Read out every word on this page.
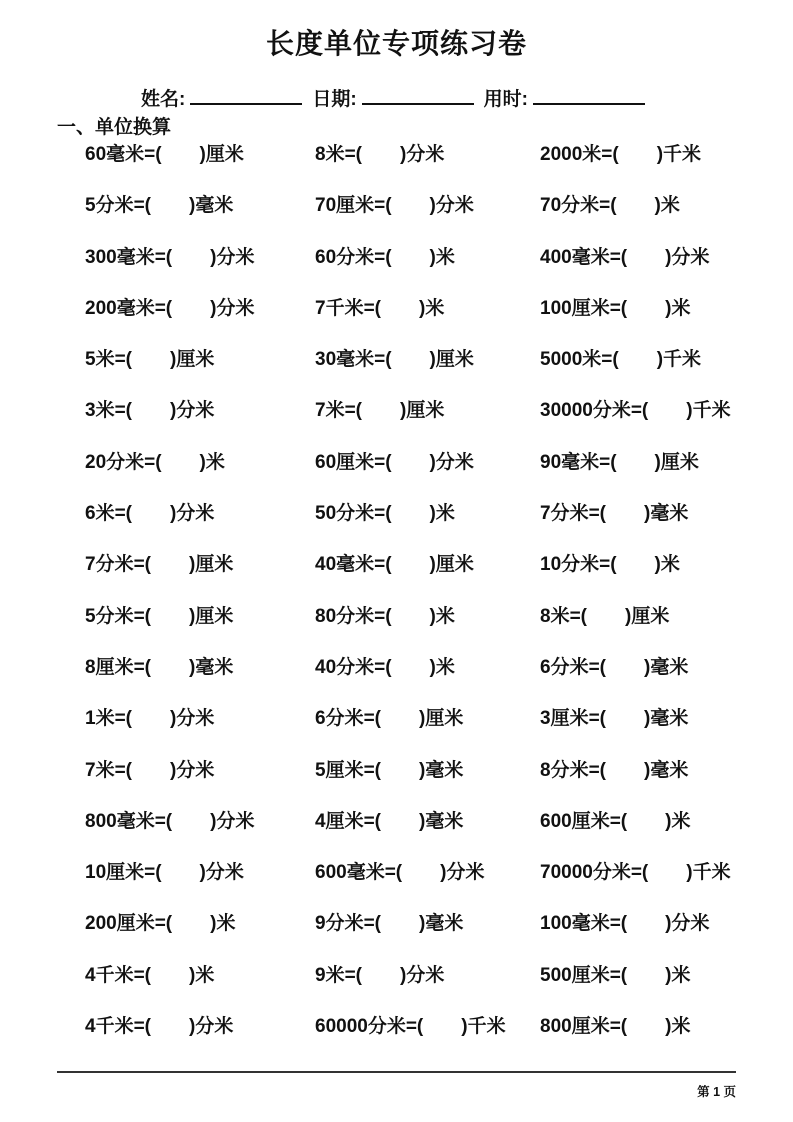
长度单位专项练习卷
姓名:	日期:	用时:
一、单位换算
60毫米=(　　)厘米	8米=(　　)分米	2000米=(　　)千米
5分米=(　　)毫米	70厘米=(　　)分米	70分米=(　　)米
300毫米=(　　)分米	60分米=(　　)米	400毫米=(　　)分米
200毫米=(　　)分米	7千米=(　　)米	100厘米=(　　)米
5米=(　　)厘米	30毫米=(　　)厘米	5000米=(　　)千米
3米=(　　)分米	7米=(　　)厘米	30000分米=(　　)千米
20分米=(　　)米	60厘米=(　　)分米	90毫米=(　　)厘米
6米=(　　)分米	50分米=(　　)米	7分米=(　　)毫米
7分米=(　　)厘米	40毫米=(　　)厘米	10分米=(　　)米
5分米=(　　)厘米	80分米=(　　)米	8米=(　　)厘米
8厘米=(　　)毫米	40分米=(　　)米	6分米=(　　)毫米
1米=(　　)分米	6分米=(　　)厘米	3厘米=(　　)毫米
7米=(　　)分米	5厘米=(　　)毫米	8分米=(　　)毫米
800毫米=(　　)分米	4厘米=(　　)毫米	600厘米=(　　)米
10厘米=(　　)分米	600毫米=(　　)分米	70000分米=(　　)千米
200厘米=(　　)米	9分米=(　　)毫米	100毫米=(　　)分米
4千米=(　　)米	9米=(　　)分米	500厘米=(　　)米
4千米=(　　)分米	60000分米=(　　)千米	800厘米=(　　)米
第 1 页
